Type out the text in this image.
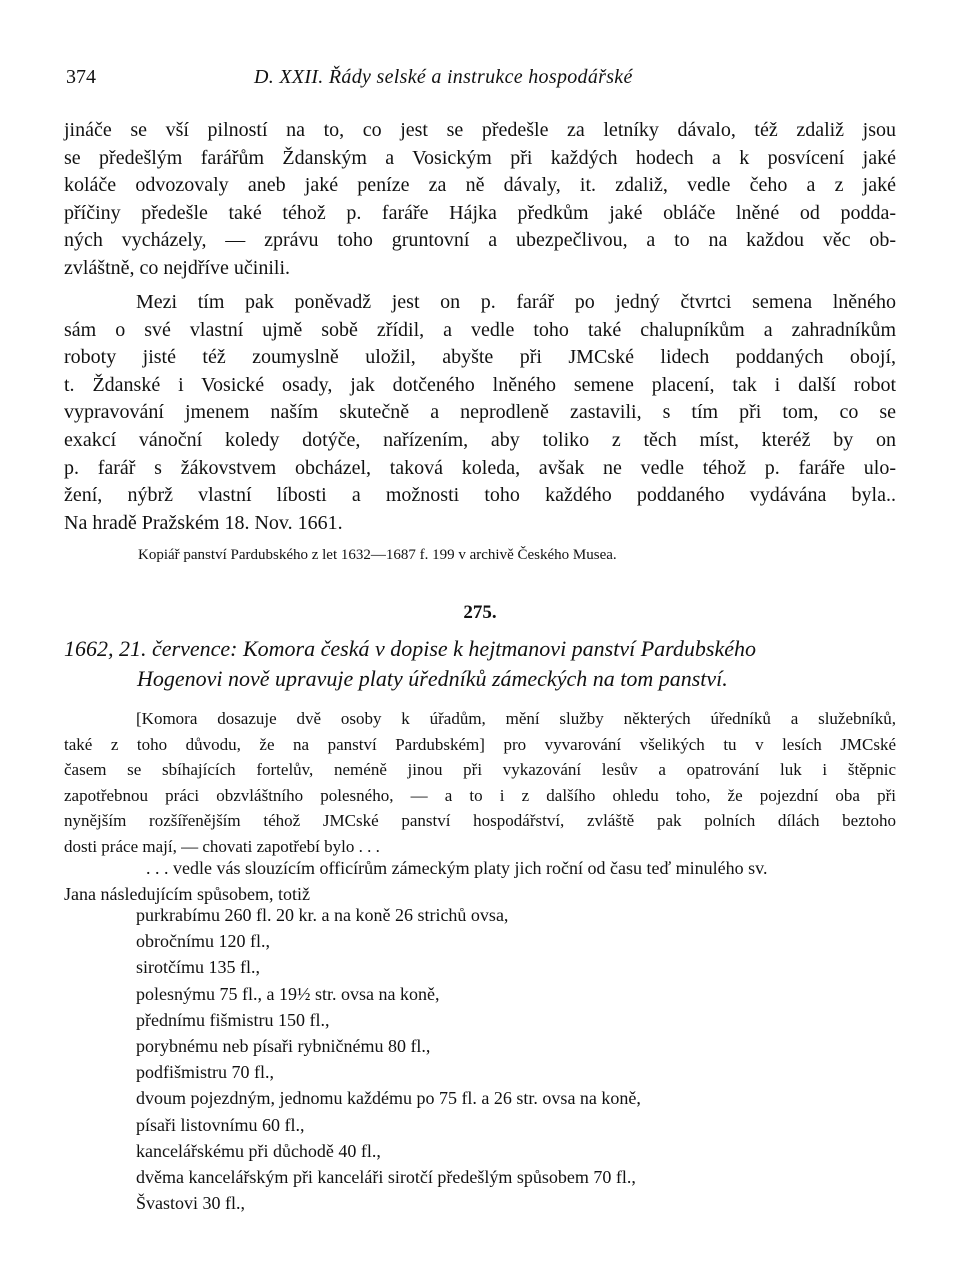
374	D. XXII. Řády selské a instrukce hospodářské
jináče se vší pilností na to, co jest se předešle za letníky dávalo, též zdaliž jsou
se předešlým farářům Ždanským a Vosickým při každých hodech a k posvícení jaké
koláče odvozovaly aneb jaké peníze za ně dávaly, it. zdaliž, vedle čeho a z jaké
příčiny předešle také téhož p. faráře Hájka předkům jaké obláče lněné od podda-
ných vycházely, — zprávu toho gruntovní a ubezpečlivou, a to na každou věc ob-
zvláštně, co nejdříve učinili.
Mezi tím pak poněvadž jest on p. farář po jedný čtvrtci semena lněného
sám o své vlastní ujmě sobě zřídil, a vedle toho také chalupníkům a zahradníkům
roboty jisté též zoumyslně uložil, abyšte při JMCské lidech poddaných obojí,
t. Ždanské i Vosické osady, jak dotčeného lněného semene placení, tak i další robot
vypravování jmenem naším skutečně a neprodleně zastavili, s tím při tom, co se
exakcí vánoční koledy dotýče, nařízením, aby toliko z těch míst, kteréž by on
p. farář s žákovstvem obcházel, taková koleda, avšak ne vedle téhož p. faráře ulo-
žení, nýbrž vlastní líbosti a možnosti toho každého poddaného vydávána byla..
Na hradě Pražském 18. Nov. 1661.
Kopiář panství Pardubského z let 1632—1687 f. 199 v archivě Českého Musea.
275.
1662, 21. července: Komora česká v dopise k hejtmanovi panství Pardubského
Hogenovi nově upravuje platy úředníků zámeckých na tom panství.
[Komora dosazuje dvě osoby k úřadům, mění služby některých úředníků a služebníků,
také z toho důvodu, že na panství Pardubském] pro vyvarování všelikých tu v lesích JMCské
časem se sbíhajících fortelův, neméně jinou při vykazování lesův a opatrování luk i štěpnic
zapotřebnou práci obzvláštního polesného, — a to i z dalšího ohledu toho, že pojezdní oba při
nynějším rozšířenějším téhož JMCské panství hospodářství, zvláště pak polních dílách beztoho
dosti práce mají, — chovati zapotřebí bylo . . .
. . . vedle vás slouzícím officírům zámeckým platy jich roční od času teď minulého sv.
Jana následujícím spůsobem, totiž
purkrabímu 260 fl. 20 kr. a na koně 26 strichů ovsa,
obročnímu 120 fl.,
sirotčímu 135 fl.,
polesnýmu 75 fl., a 19½ str. ovsa na koně,
přednímu fišmistru 150 fl.,
porybnému neb písaři rybničnému 80 fl.,
podfišmistru 70 fl.,
dvoum pojezdným, jednomu každému po 75 fl. a 26 str. ovsa na koně,
písaři listovnímu 60 fl.,
kancelářskému při důchodě 40 fl.,
dvěma kancelářským při kanceláři sirotčí předešlým spůsobem 70 fl.,
Švastovi 30 fl.,
